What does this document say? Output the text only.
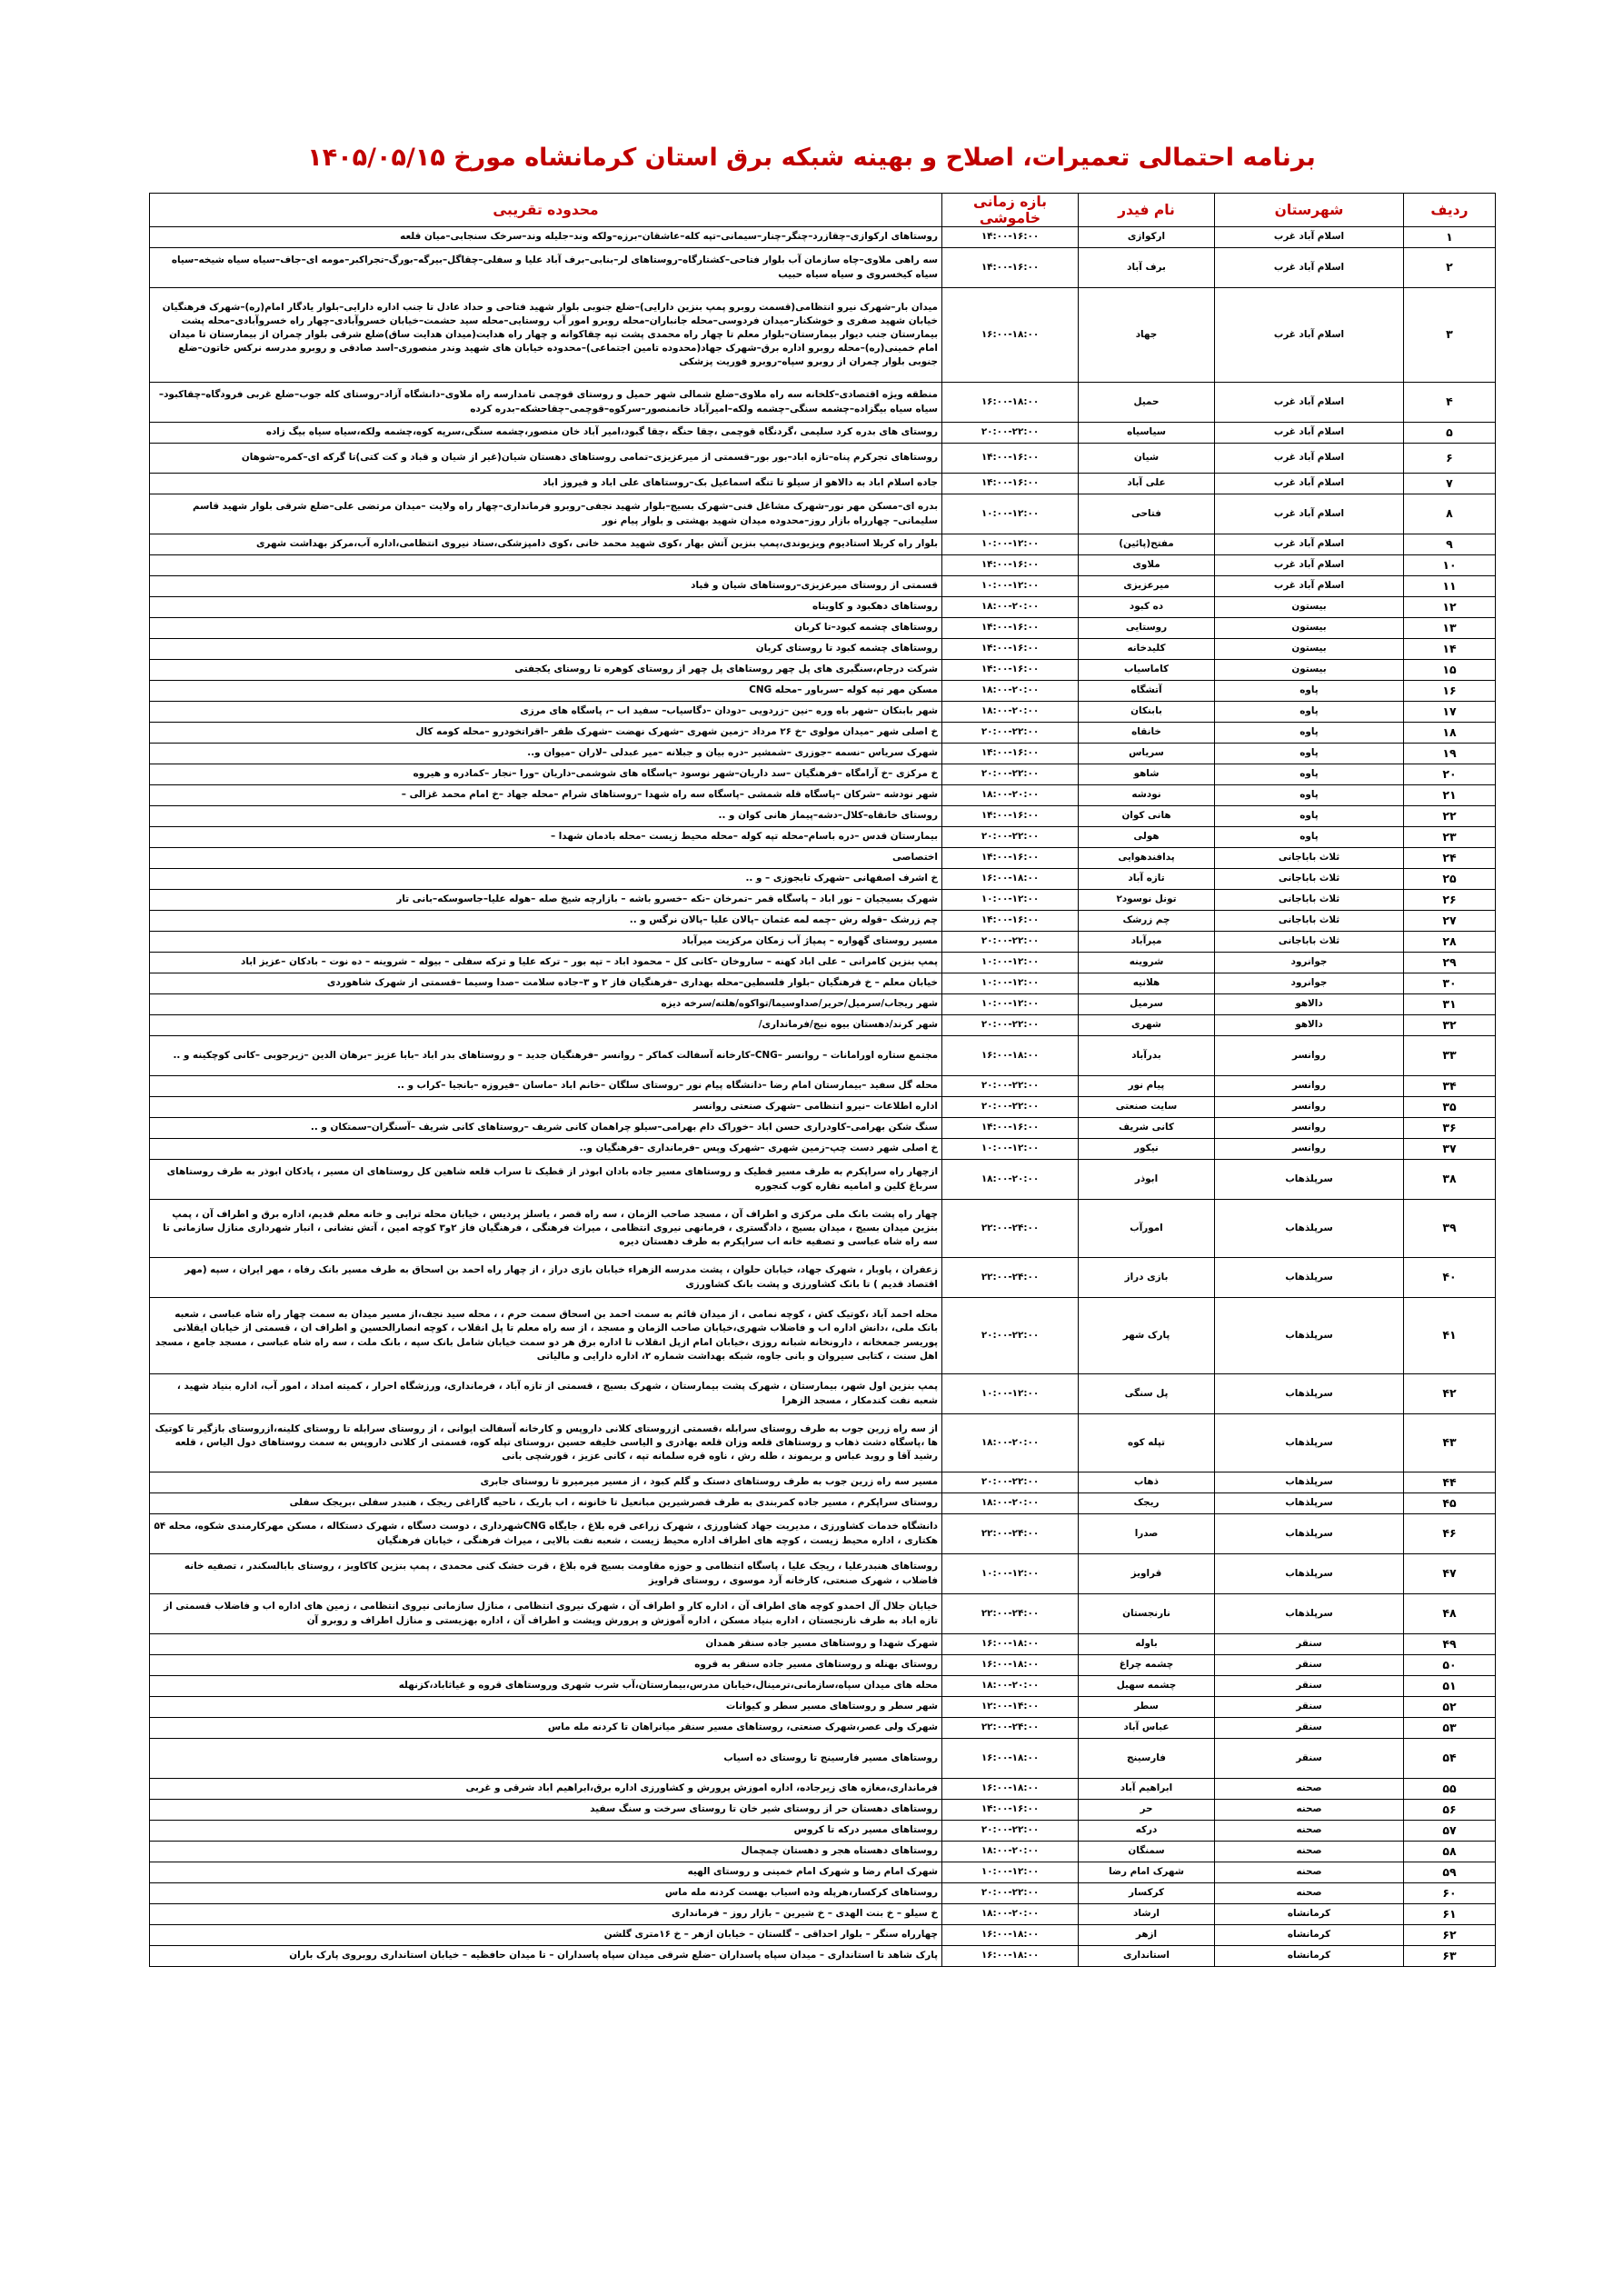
برنامه احتمالی تعمیرات، اصلاح و بهینه شبکه برق استان کرمانشاه مورخ ۱۴۰۵/۰۵/۱۵
ردیف	شهرستان	نام فیدر	بازه زمانی خاموشی	محدوده تقریبی
۱	اسلام آباد غرب	ارکوازی	۱۴:۰۰-۱۶:۰۰	روستاهای ارکوازی–چقازرد–چنگر–چنار–سیمانی–تپه کله–عاشقان–برزه–ولکه وند–جلیله وند–سرخک سنجابی–میان قلعه
۲	اسلام آباد غرب	برف آباد	۱۴:۰۰-۱۶:۰۰	سه راهی ملاوی–چاه سازمان آب بلوار فتاحی–کشتارگاه–روستاهای لر–بنابی–برف آباد علیا و سفلی–چقاگل–بیرگه–بورگ–تجراکبر–مومه ای–جاف–سیاه سیاه شیخه–سیاه سیاه کیخسروی و سیاه سیاه حبیب
۳	اسلام آباد غرب	جهاد	۱۶:۰۰-۱۸:۰۰	میدان بار–شهرک نیرو انتظامی(قسمت روبرو پمپ بنزین دارایی)–ضلع جنوبی بلوار شهید فتاحی و حداد عادل تا جنب اداره دارایی–بلوار یادگار امام(ره)–شهرک فرهنگیان خیابان شهید صفری و خوشکنار–میدان فردوسی–محله جانباران–محله روبرو امور آب روستایی–محله سید حشمت–خیابان خسروآبادی–چهار راه خسروآبادی–محله پشت بیمارستان جنب دیوار بیمارستان–بلوار معلم تا چهار راه محمدی پشت تپه چقاکوانه و چهار راه هدایت(میدان هدایت ساق)ضلع شرقی بلوار چمران از بیمارستان تا میدان امام خمینی(ره)–محله روبرو اداره برق–شهرک جهاد(محدوده تامین اجتماعی)–محدوده خیابان های شهید وندر منصوری–اسد صادقی و روبرو مدرسه نرکس خاتون–ضلع جنوبی بلوار چمران از روبرو سپاه–روبرو فوریت پزشکی
۴	اسلام آباد غرب	حمیل	۱۶:۰۰-۱۸:۰۰	منطقه ویژه اقتصادی–کلخانه سه راه ملاوی–ضلع شمالی شهر حمیل و روستای قوچمی تامدارسه راه ملاوی–دانشگاه آزاد–روستای کله جوب–ضلع غربی فرودگاه–چقاکبود–سیاه سیاه بیگزاده–چشمه سنگی–چشمه ولکه–امیرآباد خانمنصور–سرکوه–قوچمی–چقاحشکه–بدره کرده
۵	اسلام آباد غرب	سیاسیاه	۲۰:۰۰-۲۲:۰۰	روستای های بدره کرد سلیمی ،گردنگاه قوچمی ،چقا حنگه ،چقا گبود،امیر آباد خان منصور،چشمه سنگی،سرپه کوه،چشمه ولکه،سیاه سیاه بیگ زاده
۶	اسلام آباد غرب	شیان	۱۴:۰۰-۱۶:۰۰	روستاهای تجرکرم پناه–تازه اباد–بور بور–قسمتی از میرعزیزی–تمامی روستاهای دهستان شیان(غیر از شیان و قباد و کت کتی)تا گرکه ای–کمره–شوهان
۷	اسلام آباد غرب	علی آباد	۱۴:۰۰-۱۶:۰۰	جاده اسلام اباد به دالاهو از سیلو تا تنگه اسماعیل بک–روستاهای علی اباد و فیروز اباد
۸	اسلام آباد غرب	فتاحی	۱۰:۰۰-۱۲:۰۰	بدره ای–مسکن مهر نور–شهرک مشاغل فنی–شهرک بسیج–بلوار شهید نجفی–روبرو فرمانداری–چهار راه ولایت –میدان مرتضی علی–ضلع شرقی بلوار شهید قاسم سلیمانی– چهارراه بازار روز–محدوده میدان شهید بهشتی و بلوار پیام نور
۹	اسلام آباد غرب	مفتح(پائین)	۱۰:۰۰-۱۲:۰۰	بلوار راه کربلا استادیوم ویزیوندی،پمپ بنزین آتش بهار ،کوی شهید محمد خانی ،کوی دامپزشکی،ستاد نیروی انتظامی،اداره آب،مرکز بهداشت شهری
۱۰	اسلام آباد غرب	ملاوی	۱۴:۰۰-۱۶:۰۰	
۱۱	اسلام آباد غرب	میرعزیزی	۱۰:۰۰-۱۲:۰۰	قسمتی از روستای میرعزیزی–روستاهای شیان و قباد
۱۲	بیستون	ده کبود	۱۸:۰۰-۲۰:۰۰	روستاهای دهکبود و کاویناه
۱۳	بیستون	روستایی	۱۴:۰۰-۱۶:۰۰	روستاهای چشمه کبود–تا کربان
۱۴	بیستون	کلیدخانه	۱۴:۰۰-۱۶:۰۰	روستاهای چشمه کبود تا روستای کربان
۱۵	بیستون	کاماسیاب	۱۴:۰۰-۱۶:۰۰	شرکت درجام،سنگبری های پل چهر روستاهای پل چهر از روستای کوهره تا روستای یکجفتی
۱۶	پاوه	آتشگاه	۱۸:۰۰-۲۰:۰۰	مسکن مهر تپه کوله –سرباور –محله CNG
۱۷	پاوه	بابنکان	۱۸:۰۰-۲۰:۰۰	شهر بابنکان –شهر باه وره –نین –زردویی –دودان –دگاسیاب– سفید اب –، پاسگاه های مرزی
۱۸	پاوه	خانقاه	۲۰:۰۰-۲۲:۰۰	خ اصلی شهر –میدان مولوی –خ ۲۶ مرداد –زمین شهری –شهرک نهضت –شهرک ظفر –اقراتخودرو –محله کومه کال
۱۹	پاوه	سریاس	۱۴:۰۰-۱۶:۰۰	شهرک سریاس –نسمه –جوزری –شمشیر –دره بیان و جبلانه –میر عبدلی –لاران –میوان و..
۲۰	پاوه	شاهو	۲۰:۰۰-۲۲:۰۰	خ مرکزی –خ آرامگاه –فرهنگیان –سد داریان–شهر نوسود –پاسگاه های شوشمی–داریان –ورا –نجار –کمادره و هیروه
۲۱	پاوه	نودشه	۱۸:۰۰-۲۰:۰۰	شهر نودشه –شرکان –پاسگاه قله شمشی –پاسگاه سه راه شهدا –روستاهای شرام –محله جهاد –خ امام محمد غزالی –
۲۲	پاوه	هانی کوان	۱۴:۰۰-۱۶:۰۰	روستای خانقاه–کلال–دشه–پیماز هانی کوان و ..
۲۳	پاوه	هولی	۲۰:۰۰-۲۲:۰۰	بیمارستان قدس –دره باسام–محله تپه کوله –محله محیط زیست –محله بادمان شهدا –
۲۴	ثلاث باباجانی	پدافندهوایی	۱۴:۰۰-۱۶:۰۰	اختصاصی
۲۵	ثلاث باباجانی	تازه آباد	۱۶:۰۰-۱۸:۰۰	خ اشرف اصفهانی –شهرک تابجوزی – و ..
۲۶	ثلاث باباجانی	تونل نوسود۲	۱۰:۰۰-۱۲:۰۰	شهرک بسیجیان – نور اباد – پاسگاه قمر –تمرخان –نکه –خسرو باشه – بازارچه شیخ صله –هوله علیا–جاسوسکه–بانی تار
۲۷	ثلاث باباجانی	چم زرشک	۱۴:۰۰-۱۶:۰۰	چم زرشک –قوله رش –چمه لمه عثمان –پالان علیا –پالان نرگس و ..
۲۸	ثلاث باباجانی	میرآباد	۲۰:۰۰-۲۲:۰۰	مسیر روستای گهواره – پمپاژ آب زمکان مرکزیت میرآباد
۲۹	جوانرود	شروینه	۱۰:۰۰-۱۲:۰۰	پمپ بنزین کامرانی – علی اباد کهنه – ساروخان –کانی کل – محمود اباد – تپه بور – ترکه علیا و ترکه سفلی – بیوله – شروینه – ده نوت – بادکان –عزیز اباد
۳۰	جوانرود	هلانیه	۱۰:۰۰-۱۲:۰۰	خیابان معلم – خ فرهنگیان –بلوار فلسطین–محله بهداری –فرهنگیان فاز ۲ و ۳–جاده سلامت –صدا وسیما –قسمتی از شهرک شاهوردی
۳۱	دالاهو	سرمیل	۱۰:۰۰-۱۲:۰۰	شهر ریجاب/سرمیل/حریر/صداوسیما/تواکوه/هلته/سرخه دیزه
۳۲	دالاهو	شهری	۲۰:۰۰-۲۲:۰۰	شهر کرند/دهستان بیوه نیج/فرمانداری/
۳۳	روانسر	بدرآباد	۱۶:۰۰-۱۸:۰۰	مجتمع ستاره اورامانات – روانسر –CNG–کارخانه آسفالت کماکر – روانسر –فرهنگیان جدید – و روستاهای بدر اباد –بابا عزیز –برهان الدین –زیرجوبی –کانی کوچکینه و ..
۳۴	روانسر	پیام نور	۲۰:۰۰-۲۲:۰۰	محله گل سفید –بیمارستان امام رضا –دانشگاه پیام نور –روستای سلگان –خانم اباد –ماسان –فیروزه –بانجیا –کراب و ..
۳۵	روانسر	سایت صنعتی	۲۰:۰۰-۲۲:۰۰	اداره اطلاعات –نیرو انتظامی –شهرک صنعتی روانسر
۳۶	روانسر	کانی شریف	۱۴:۰۰-۱۶:۰۰	سنگ شکن بهرامی–کاودراری حسن اباد –خوراک دام بهرامی–سیلو چراهمان کانی شریف –روستاهای کانی شریف –آسنگران–سمتکان و ..
۳۷	روانسر	نیکور	۱۰:۰۰-۱۲:۰۰	خ اصلی شهر دست چپ–زمین شهری –شهرک وپس –فرمانداری –فرهنگیان و..
۳۸	سرپلذهاب	ابوذر	۱۸:۰۰-۲۰:۰۰	ازچهار راه سراپکرم به طرف مسیر قطیک و روستاهای مسیر جاده بادان ابوذر از قطیک تا سراب قلعه شاهین کل روستاهای ان مسیر ، پادکان ابوذر به طرف روستاهای سرباغ کلین و امامیه نقاره کوب کنجوره
۳۹	سرپلذهاب	امورآب	۲۲:۰۰-۲۴:۰۰	چهار راه پشت بانک ملی مرکزی و اطراف آن ، مسجد صاحب الزمان ، سه راه قصر ، یاسلز پردیس ، خیابان محله ترابی و خانه معلم قدیم، اداره برق و اطراف آن ، پمپ بنزین میدان بسیج ، میدان بسیج ، دادگستری ، فرمانهی نیروی انتظامی ، میراث فرهنگی ، فرهنگیان فاز ۲و۳ کوچه امین ، آتش نشانی ، انبار شهرداری منازل سازمانی تا سه راه شاه عباسی و تصفیه خانه اب سراپکرم به طرف دهستان دیره
۴۰	سرپلذهاب	بازی دراز	۲۲:۰۰-۲۴:۰۰	زعفران ، پاوبار ، شهرک جهاد، خیابان حلوان ، پشت مدرسه الزهراء خیابان بازی دراز ، از چهار راه احمد بن اسحاق به طرف مسیر بانک رفاه ، مهر ایران ، سپه (مهر اقتصاد قدیم ) تا بانک کشاورزی و پشت بانک کشاورزی
۴۱	سرپلذهاب	پارک شهر	۲۰:۰۰-۲۲:۰۰	محله احمد آباد ،کوتیک کش ، کوچه نمامی ، از میدان قائم به سمت احمد بن اسحاق سمت حرم ، ، محله سید نجف،از مسیر میدان به سمت چهار راه شاه عباسی ، شعبه بانک ملی، ،دانش اداره اب و فاضلاب شهری،خیابان صاحب الزمان و مسجد ، از سه راه معلم تا پل انقلاب ، کوچه انصارالحسین و اطراف ان ، قسمتی از خیابان ایقلانی پوریسر جمعخانه ، دارونخانه شبانه روزی ،خیابان امام ازپل انقلاب تا اداره برق هر دو سمت خیابان شامل بانک سپه ، بانک ملت ، سه راه شاه عباسی ، مسجد جامع ، مسجد اهل سنت ، کتابی سیروان و بانی جاوه، شبکه بهداشت شماره ۲، اداره دارایی و مالیاتی
۴۲	سرپلذهاب	پل سنگی	۱۰:۰۰-۱۲:۰۰	پمپ بنزین اول شهر، بیمارستان ، شهرک پشت بیمارستان ، شهرک بسیج ، قسمتی از تازه آباد ، فرمانداری، ورزشگاه احرار ، کمیته امداد ، امور آب، اداره بنیاد شهید ، شعبه نفت کندمکار ، مسجد الزهرا
۴۳	سرپلذهاب	تپله کوه	۱۸:۰۰-۲۰:۰۰	از سه راه زرین جوب به طرف روستای سرابله ،قسمتی ازروستای کلانی داروپس و کارخانه آسفالت ایوانی ، از روستای سرابله تا روستای کلینه،ازروستای بازگیر تا کوتیک ها ،پاسگاه دشت ذهاب و روستاهای قلعه وزان قلعه بهادری و الیاسی خلیفه حسین ،روستای تپله کوه، قسمتی از کلانی داروپس به سمت روستاهای دول الیاس ، قلعه رشید آقا و روبد عباس و بریموند ، طله رش ، ناوه قره سلمانه تپه ، کانی عزیز ، قورشچی بانی
۴۴	سرپلذهاب	ذهاب	۲۰:۰۰-۲۲:۰۰	مسیر سه راه زرین جوب به طرف روستاهای دستک و گلم کبود ، از مسیر میرمیرو تا روستای جابری
۴۵	سرپلذهاب	ریجک	۱۸:۰۰-۲۰:۰۰	روستای سراپکرم ، مسیر جاده کمربندی به طرف قصرشیرین مبانعیل تا خانونه ، اب باریک ، ناحیه گاراغی ریجک ، هنبدر سفلی ،بریجک سفلی
۴۶	سرپلذهاب	صدرا	۲۲:۰۰-۲۴:۰۰	دانشگاه خدمات کشاورزی ، مدیریت جهاد کشاورزی ، شهرک زراعی قره بلاغ ، جایگاه CNGشهرداری ، دوست دسگاه ، شهرک دستکاله ، مسکن مهرکارمندی شکوه، محله ۵۴ هکتاری ، اداره محیط زیست ، کوچه های اطراف اداره محیط زیست ، شعبه نفت بالایی ، میراث فرهنگی ، خیابان فرهنگیان
۴۷	سرپلذهاب	قراویز	۱۰:۰۰-۱۲:۰۰	روستاهای هنبدرعلیا ، ریجک علیا ، پاسگاه انتظامی و حوزه مقاومت بسیج قره بلاغ ، قرت خشک کنی محمدی ، پمپ بنزین کاکاویز ، روستای بابالسکندر ، تصفیه خانه فاضلاب ، شهرک صنعتی، کارخانه آرد موسوی ، روستای قراویز
۴۸	سرپلذهاب	نارنجستان	۲۲:۰۰-۲۴:۰۰	خیابان جلال آل احمدو کوچه های اطراف آن ، اداره کار و اطراف آن ، شهرک نیروی انتظامی ، منازل سازمانی نیروی انتظامی ، زمین های اداره اب و فاضلاب قسمتی از تازه اباد به طرف نارنجستان ، اداره بنیاد مسکن ، اداره آموزش و پرورش وپشت و اطراف آن ، اداره بهزیستی و منازل اطراف و روبرو آن
۴۹	سنقر	باوله	۱۶:۰۰-۱۸:۰۰	شهرک شهدا و روستاهای مسیر جاده سنقر همدان
۵۰	سنقر	چشمه چراغ	۱۶:۰۰-۱۸:۰۰	روستای بهنله و روستاهای مسیر جاده سنقر به قروه
۵۱	سنقر	چشمه سهیل	۱۸:۰۰-۲۰:۰۰	محله های میدان سپاه،سازمانی،ترمینال،خیابان مدرس،بیمارستان،آب شرب شهری وروستاهای قروه و غیاثاباد،کزنهله
۵۲	سنقر	سطر	۱۲:۰۰-۱۴:۰۰	شهر سطر و روستاهای مسیر سطر و کیوانات
۵۳	سنقر	عباس آباد	۲۲:۰۰-۲۴:۰۰	شهرک ولی عصر،شهرک صنعتی، روستاهای مسیر سنقر میانراهان تا کردنه مله ماس
۵۴	سنقر	فارسینج	۱۶:۰۰-۱۸:۰۰	روستاهای مسیر فارسینج تا روستای ده اسیاب
۵۵	صحنه	ابراهیم آباد	۱۶:۰۰-۱۸:۰۰	فرمانداری،مغازه های زیرجاده، اداره اموزش پرورش و کشاورزی اداره برق،ابراهیم اباد شرقی و غربی
۵۶	صحنه	حر	۱۴:۰۰-۱۶:۰۰	روستاهای دهستان حر از روستای شیر خان تا روستای سرخت و سنگ سفید
۵۷	صحنه	درکه	۲۰:۰۰-۲۲:۰۰	روستاهای مسیر درکه تا کروس
۵۸	صحنه	سمنگان	۱۸:۰۰-۲۰:۰۰	روستاهای دهستاه هجر و دهستان چمچمال
۵۹	صحنه	شهرک امام رضا	۱۰:۰۰-۱۲:۰۰	شهرک امام رضا و شهرک امام خمینی و روستای الهیه
۶۰	صحنه	کرکسار	۲۰:۰۰-۲۲:۰۰	روستاهای کرکسار،هرپله وده اسیاب بهست کردنه مله ماس
۶۱	کرمانشاه	ارشاد	۱۸:۰۰-۲۰:۰۰	خ سیلو – خ بنت الهدی – خ شیرین – بازار روز – فرمانداری
۶۲	کرمانشاه	ازهر	۱۶:۰۰-۱۸:۰۰	چهارراه سنگر – بلوار احداقی – گلستان – خیابان ازهر – خ ۱۶متری گلشن
۶۳	کرمانشاه	استانداری	۱۶:۰۰-۱۸:۰۰	پارک شاهد تا استانداری – میدان سپاه پاسداران –ضلع شرقی میدان سپاه پاسداران – تا میدان حافظیه – خیابان استانداری روبروی پارک باران
